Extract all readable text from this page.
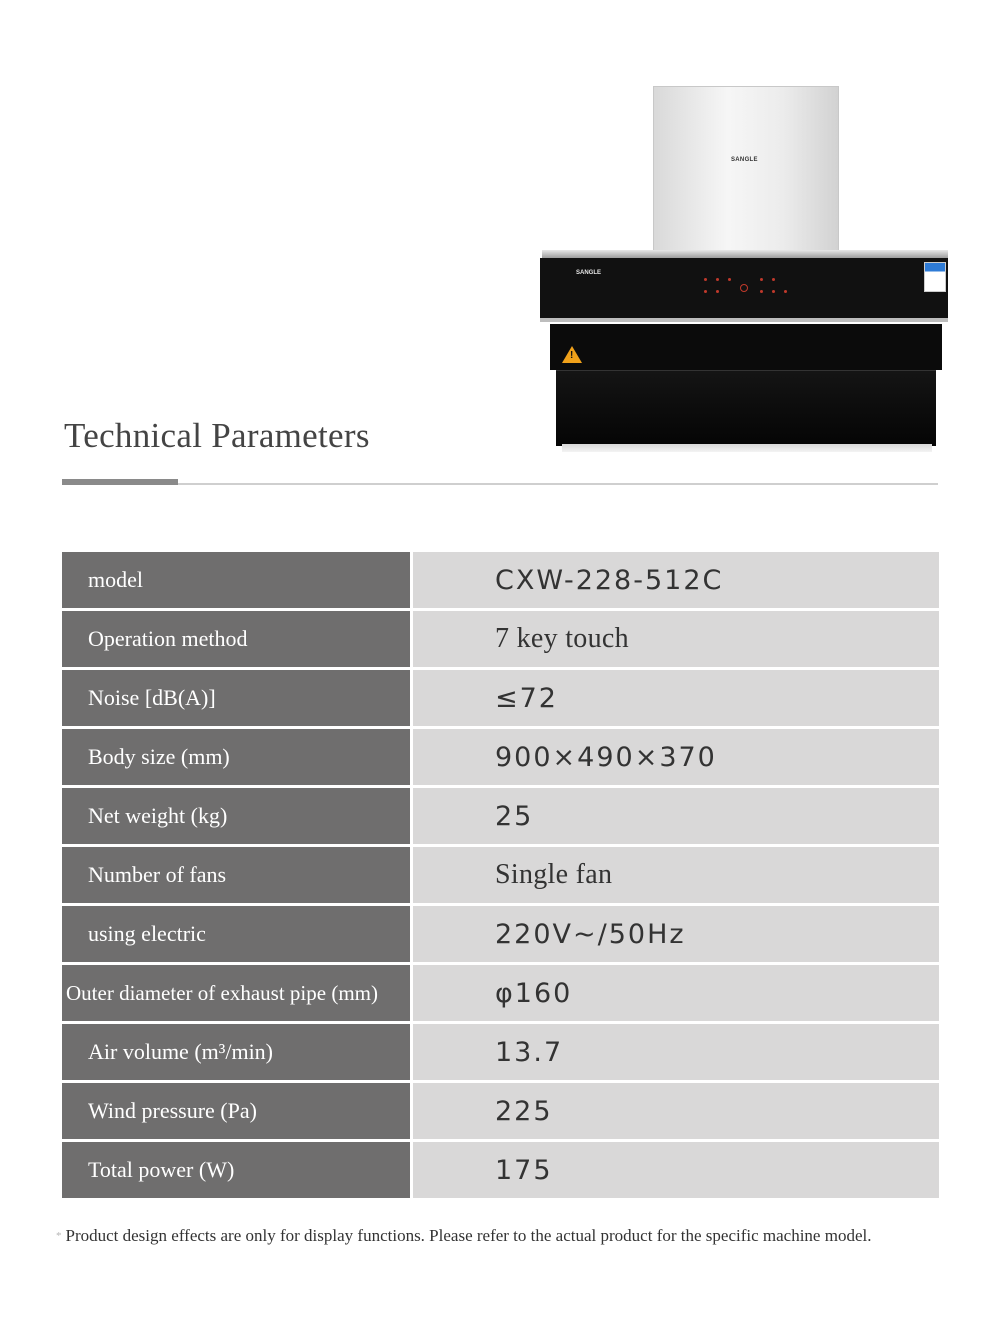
SANGLE
SANGLE
!
Technical Parameters
model	CXW-228-512C
Operation method	7 key touch
Noise [dB(A)]	≤72
Body size (mm)	900×490×370
Net weight (kg)	25
Number of fans	Single fan
using electric	220V~/50Hz
Outer diameter of exhaust pipe (mm)	φ160
Air volume (m³/min)	13.7
Wind pressure (Pa)	225
Total power (W)	175
* Product design effects are only for display functions. Please refer to the actual product for the specific machine model.
